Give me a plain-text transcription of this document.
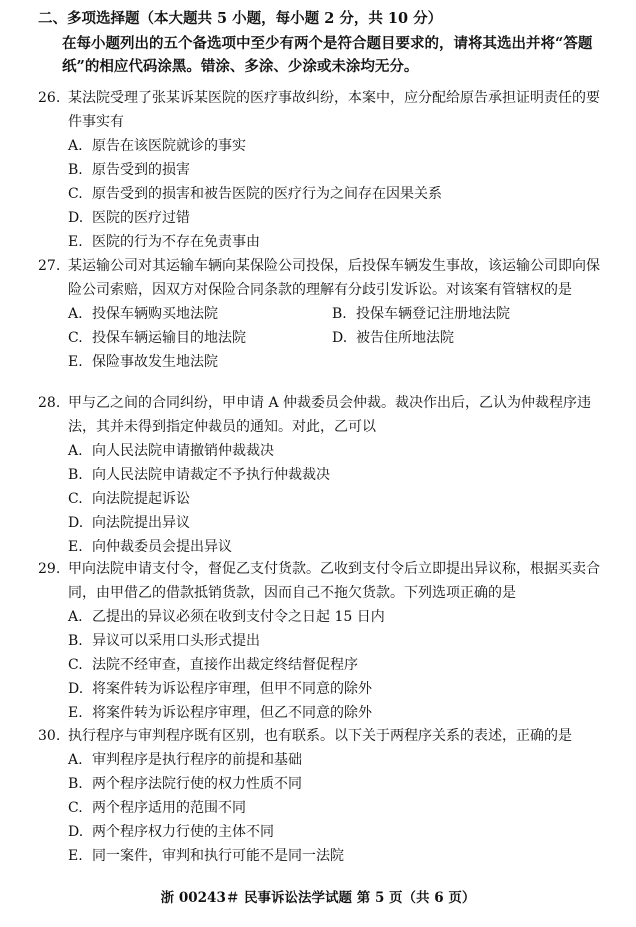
二、多项选择题（本大题共 5 小题，每小题 2 分，共 10 分）
在每小题列出的五个备选项中至少有两个是符合题目要求的，请将其选出并将“答题纸”的相应代码涂黑。错涂、多涂、少涂或未涂均无分。
26. 某法院受理了张某诉某医院的医疗事故纠纷，本案中，应分配给原告承担证明责任的要件事实有
A. 原告在该医院就诊的事实
B. 原告受到的损害
C. 原告受到的损害和被告医院的医疗行为之间存在因果关系
D. 医院的医疗过错
E. 医院的行为不存在免责事由
27. 某运输公司对其运输车辆向某保险公司投保，后投保车辆发生事故，该运输公司即向保险公司索赔，因双方对保险合同条款的理解有分歧引发诉讼。对该案有管辖权的是
A. 投保车辆购买地法院	B. 投保车辆登记注册地法院
C. 投保车辆运输目的地法院	D. 被告住所地法院
E. 保险事故发生地法院
28. 甲与乙之间的合同纠纷，甲申请 A 仲裁委员会仲裁。裁决作出后，乙认为仲裁程序违法，其并未得到指定仲裁员的通知。对此，乙可以
A. 向人民法院申请撤销仲裁裁决
B. 向人民法院申请裁定不予执行仲裁裁决
C. 向法院提起诉讼
D. 向法院提出异议
E. 向仲裁委员会提出异议
29. 甲向法院申请支付令，督促乙支付货款。乙收到支付令后立即提出异议称，根据买卖合同，由甲借乙的借款抵销货款，因而自己不拖欠货款。下列选项正确的是
A. 乙提出的异议必须在收到支付令之日起 15 日内
B. 异议可以采用口头形式提出
C. 法院不经审查，直接作出裁定终结督促程序
D. 将案件转为诉讼程序审理，但甲不同意的除外
E. 将案件转为诉讼程序审理，但乙不同意的除外
30. 执行程序与审判程序既有区别，也有联系。以下关于两程序关系的表述，正确的是
A. 审判程序是执行程序的前提和基础
B. 两个程序法院行使的权力性质不同
C. 两个程序适用的范围不同
D. 两个程序权力行使的主体不同
E. 同一案件，审判和执行可能不是同一法院
浙 00243＃ 民事诉讼法学试题 第 5 页（共 6 页）
